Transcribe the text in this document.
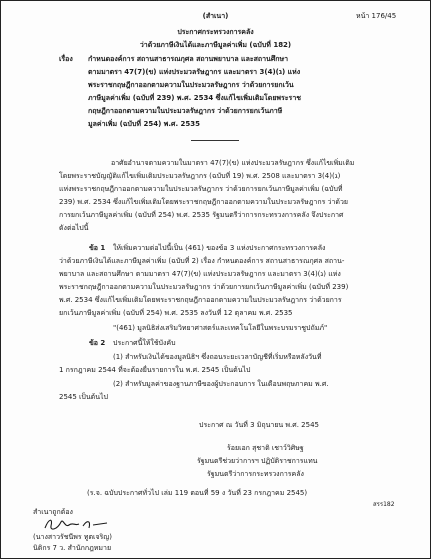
(สำเนา)	หน้า 176/45
ประกาศกระทรวงการคลัง
ว่าด้วยภาษีเงินได้และภาษีมูลค่าเพิ่ม (ฉบับที่ 182)
เรื่อง กำหนดองค์การ สถานสาธารณกุศล สถานพยาบาล และสถานศึกษา
ตามมาตรา 47(7)(ข) แห่งประมวลรัษฎากร และมาตรา 3(4)(ג) แห่ง
พระราชกฤษฎีกาออกตามความในประมวลรัษฎากร ว่าด้วยการยกเว้น
ภาษีมูลค่าเพิ่ม (ฉบับที่ 239) พ.ศ. 2534 ซึ่งแก้ไขเพิ่มเติมโดยพระราช
กฤษฎีกาออกตามความในประมวลรัษฎากร ว่าด้วยการยกเว้นภาษี
มูลค่าเพิ่ม (ฉบับที่ 254) พ.ศ. 2535
อาศัยอำนาจตามความในมาตรา 47(7)(ข) แห่งประมวลรัษฎากร ซึ่งแก้ไขเพิ่มเติม
โดยพระราชบัญญัติแก้ไขเพิ่มเติมประมวลรัษฎากร (ฉบับที่ 19) พ.ศ. 2508 และมาตรา 3(4)(ג)
แห่งพระราชกฤษฎีกาออกตามความในประมวลรัษฎากร ว่าด้วยการยกเว้นภาษีมูลค่าเพิ่ม (ฉบับที่
239) พ.ศ. 2534 ซึ่งแก้ไขเพิ่มเติมโดยพระราชกฤษฎีกาออกตามความในประมวลรัษฎากร ว่าด้วย
การยกเว้นภาษีมูลค่าเพิ่ม (ฉบับที่ 254) พ.ศ. 2535 รัฐมนตรีว่าการกระทรวงการคลัง จึงประกาศ
ดังต่อไปนี้
ข้อ 1 ให้เพิ่มความต่อไปนี้เป็น (461) ของข้อ 3 แห่งประกาศกระทรวงการคลัง
ว่าด้วยภาษีเงินได้และภาษีมูลค่าเพิ่ม (ฉบับที่ 2) เรื่อง กำหนดองค์การ สถานสาธารณกุศล สถาน-
พยาบาล และสถานศึกษา ตามมาตรา 47(7)(ข) แห่งประมวลรัษฎากร และมาตรา 3(4)(ג) แห่ง
พระราชกฤษฎีกาออกตามความในประมวลรัษฎากร ว่าด้วยการยกเว้นภาษีมูลค่าเพิ่ม (ฉบับที่ 239)
พ.ศ. 2534 ซึ่งแก้ไขเพิ่มเติมโดยพระราชกฤษฎีกาออกตามความในประมวลรัษฎากร ว่าด้วยการ
ยกเว้นภาษีมูลค่าเพิ่ม (ฉบับที่ 254) พ.ศ. 2535 ลงวันที่ 12 ตุลาคม พ.ศ. 2535
"(461) มูลนิธิส่งเสริมวิทยาศาสตร์และเทคโนโลยีในพระบรมราชูปถัมภ์"
ข้อ 2 ประกาศนี้ให้ใช้บังคับ
(1) สำหรับเงินได้ของมูลนิธิฯ ซึ่งถอนระยะเวลาบัญชีที่เริ่มหรือหลังวันที่
1 กรกฎาคม 2544 ที่จะต้องยื่นรายการใน พ.ศ. 2545 เป็นต้นไป
(2) สำหรับมูลค่าของฐานภาษีของผู้ประกอบการ ในเดือนพฤษภาคม พ.ศ.
2545 เป็นต้นไป
ประกาศ ณ วันที่ 3 มิถุนายน พ.ศ. 2545
ร้อยเอก สุชาติ เชาว์วิศิษฐ
รัฐมนตรีช่วยว่าการฯ ปฏิบัติราชการแทน
รัฐมนตรีว่าการกระทรวงการคลัง
(ร.จ. ฉบับประกาศทั่วไป เล่ม 119 ตอนที่ 59 ง วันที่ 23 กรกฎาคม 2545)
สรร182
สำเนาถูกต้อง
(นางสาวรัชนีพร ทูตเจริญ)
นิติกร 7 ว. สำนักกฎหมาย
